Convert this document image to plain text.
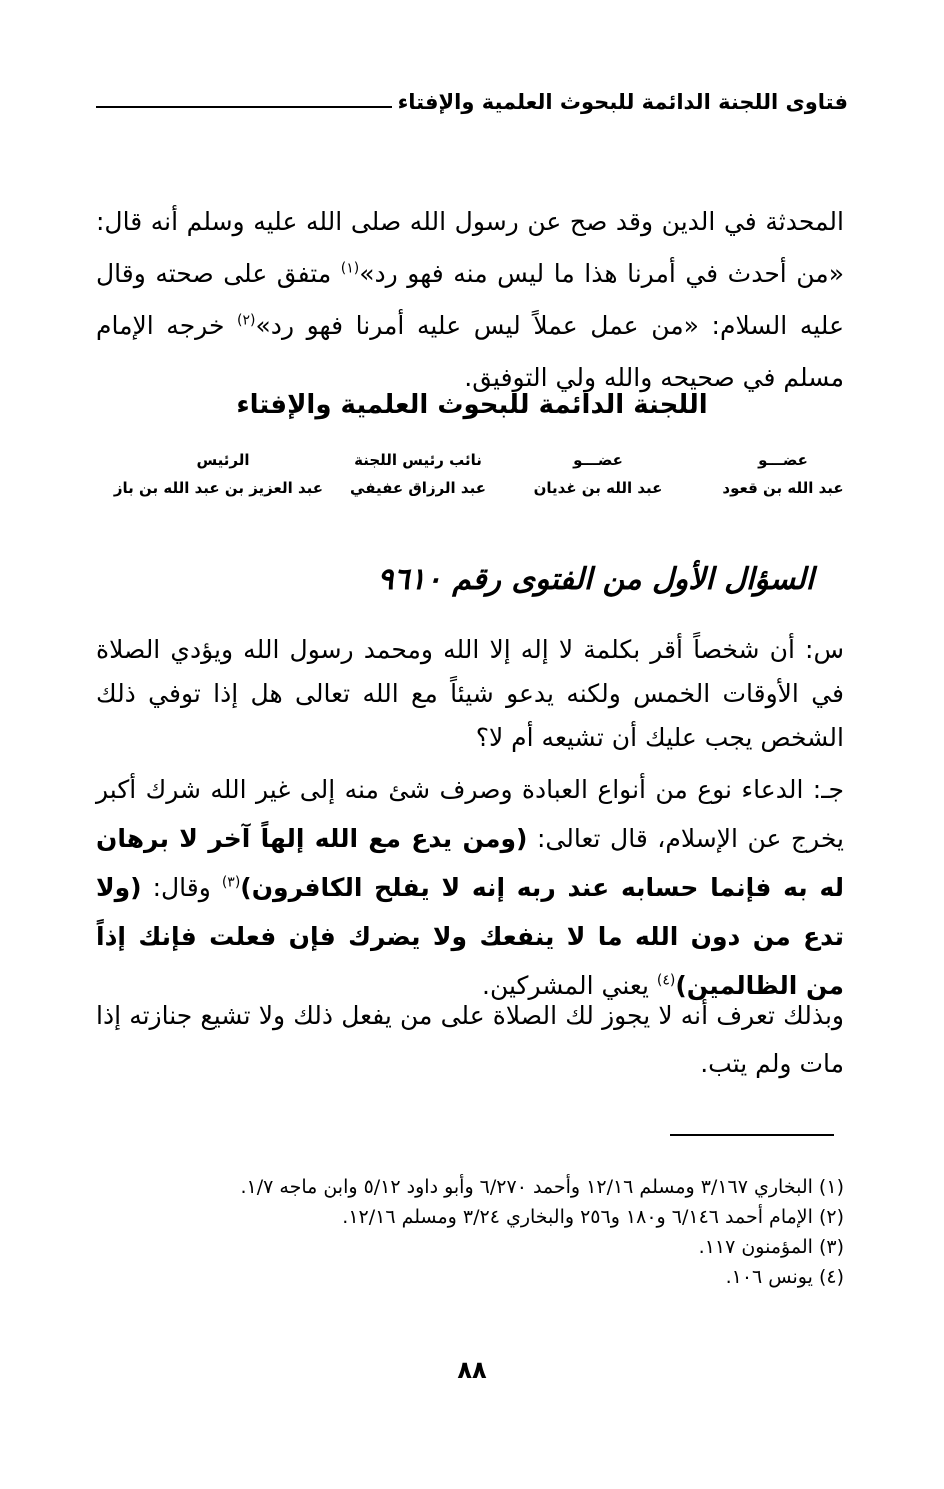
فتاوى اللجنة الدائمة للبحوث العلمية والإفتاء

المحدثة في الدين وقد صح عن رسول الله صلى الله عليه وسلم أنه قال: «من أحدث في أمرنا هذا ما ليس منه فهو رد»$^{(١)}$ متفق على صحته وقال عليه السلام: «من عمل عملاً ليس عليه أمرنا فهو رد»$^{(٢)}$ خرجه الإمام مسلم في صحيحه والله ولي التوفيق.

اللجنة الدائمة للبحوث العلمية والإفتاء
عضـــو
عبد الله بن قعود
عضـــو
عبد الله بن غديان
نائب رئيس اللجنة
عبد الرزاق عفيفي
الرئيس
عبد العزيز بن عبد الله بن باز
السؤال الأول من الفتوى رقم ٩٦١٠

س: أن شخصاً أقر بكلمة لا إله إلا الله ومحمد رسول الله ويؤدي الصلاة في الأوقات الخمس ولكنه يدعو شيئاً مع الله تعالى هل إذا توفي ذلك الشخص يجب عليك أن تشيعه أم لا؟

جـ: الدعاء نوع من أنواع العبادة وصرف شئ منه إلى غير الله شرك أكبر يخرج عن الإسلام، قال تعالى: (ومن يدع مع الله إلهاً آخر لا برهان له به فإنما حسابه عند ربه إنه لا يفلح الكافرون)$^{(٣)}$ وقال: (ولا تدع من دون الله ما لا ينفعك ولا يضرك فإن فعلت فإنك إذاً من الظالمين)$^{(٤)}$ يعني المشركين.

وبذلك تعرف أنه لا يجوز لك الصلاة على من يفعل ذلك ولا تشيع جنازته إذا مات ولم يتب.

(١) البخاري ٣/١٦٧ ومسلم ١٢/١٦ وأحمد ٦/٢٧٠ وأبو داود ٥/١٢ وابن ماجه ١/٧.
(٢) الإمام أحمد ٦/١٤٦ و١٨٠ و٢٥٦ والبخاري ٣/٢٤ ومسلم ١٢/١٦.
(٣) المؤمنون ١١٧.
(٤) يونس ١٠٦.
٨٨
